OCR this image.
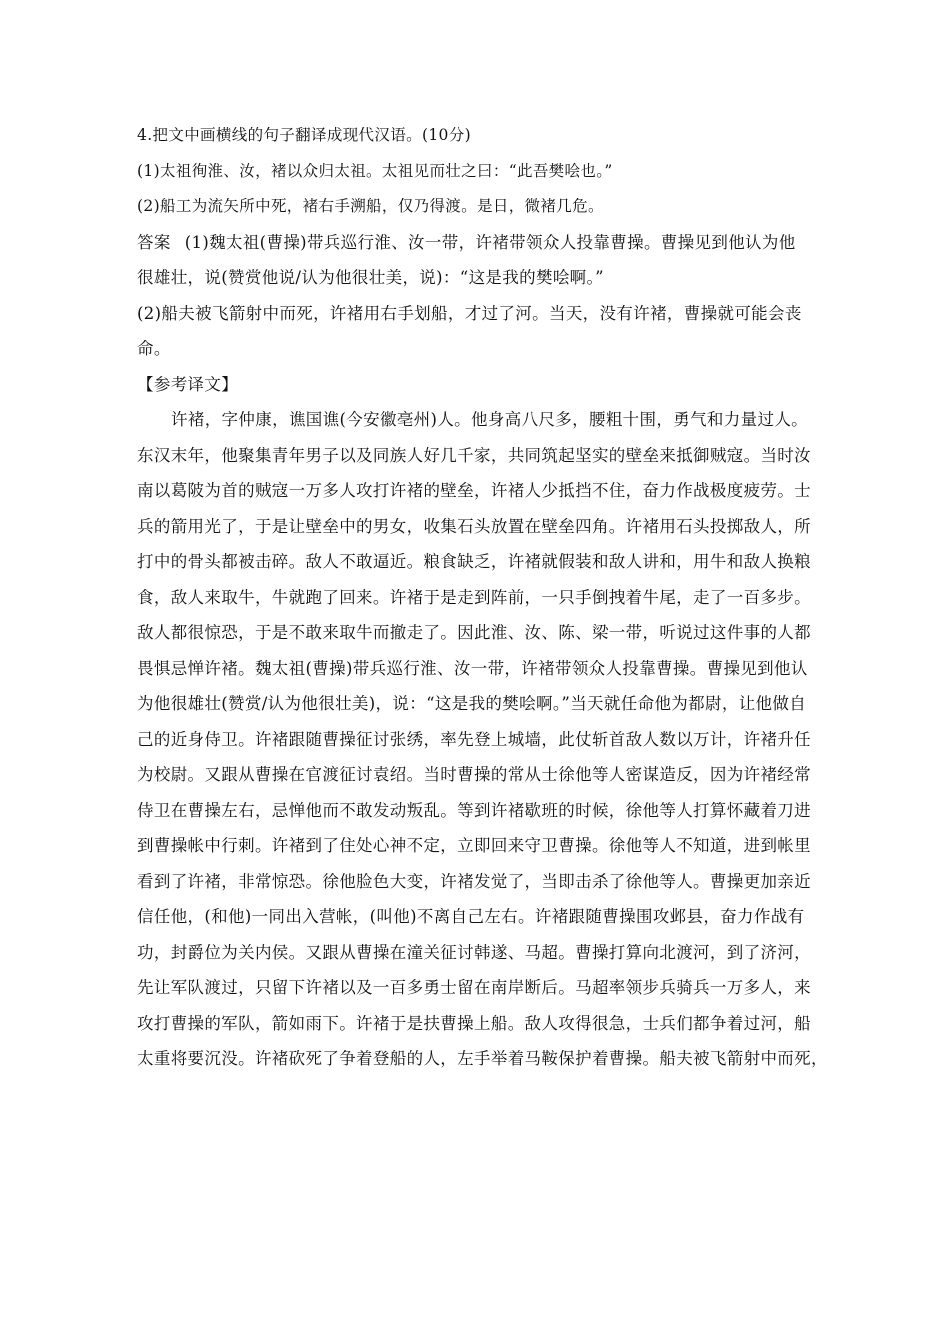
4.把文中画横线的句子翻译成现代汉语。(10分)
(1)太祖徇淮、汝，褚以众归太祖。太祖见而壮之曰：“此吾樊哙也。”
(2)船工为流矢所中死，褚右手溯船，仅乃得渡。是日，微褚几危。
答案 (1)魏太祖(曹操)带兵巡行淮、汝一带，许褚带领众人投靠曹操。曹操见到他认为他
很雄壮，说(赞赏他说/认为他很壮美，说)：“这是我的樊哙啊。”
(2)船夫被飞箭射中而死，许褚用右手划船，才过了河。当天，没有许褚，曹操就可能会丧
命。
【参考译文】
许褚，字仲康，谯国谯(今安徽亳州)人。他身高八尺多，腰粗十围，勇气和力量过人。
东汉末年，他聚集青年男子以及同族人好几千家，共同筑起坚实的壁垒来抵御贼寇。当时汝
南以葛陂为首的贼寇一万多人攻打许褚的壁垒，许褚人少抵挡不住，奋力作战极度疲劳。士
兵的箭用光了，于是让壁垒中的男女，收集石头放置在壁垒四角。许褚用石头投掷敌人，所
打中的骨头都被击碎。敌人不敢逼近。粮食缺乏，许褚就假装和敌人讲和，用牛和敌人换粮
食，敌人来取牛，牛就跑了回来。许褚于是走到阵前，一只手倒拽着牛尾，走了一百多步。
敌人都很惊恐，于是不敢来取牛而撤走了。因此淮、汝、陈、梁一带，听说过这件事的人都
畏惧忌惮许褚。魏太祖(曹操)带兵巡行淮、汝一带，许褚带领众人投靠曹操。曹操见到他认
为他很雄壮(赞赏/认为他很壮美)，说：“这是我的樊哙啊。”当天就任命他为都尉，让他做自
己的近身侍卫。许褚跟随曹操征讨张绣，率先登上城墙，此仗斩首敌人数以万计，许褚升任
为校尉。又跟从曹操在官渡征讨袁绍。当时曹操的常从士徐他等人密谋造反，因为许褚经常
侍卫在曹操左右，忌惮他而不敢发动叛乱。等到许褚歇班的时候，徐他等人打算怀藏着刀进
到曹操帐中行刺。许褚到了住处心神不定，立即回来守卫曹操。徐他等人不知道，进到帐里
看到了许褚，非常惊恐。徐他脸色大变，许褚发觉了，当即击杀了徐他等人。曹操更加亲近
信任他，(和他)一同出入营帐，(叫他)不离自己左右。许褚跟随曹操围攻邺县，奋力作战有
功，封爵位为关内侯。又跟从曹操在潼关征讨韩遂、马超。曹操打算向北渡河，到了济河，
先让军队渡过，只留下许褚以及一百多勇士留在南岸断后。马超率领步兵骑兵一万多人，来
攻打曹操的军队，箭如雨下。许褚于是扶曹操上船。敌人攻得很急，士兵们都争着过河，船
太重将要沉没。许褚砍死了争着登船的人，左手举着马鞍保护着曹操。船夫被飞箭射中而死，
